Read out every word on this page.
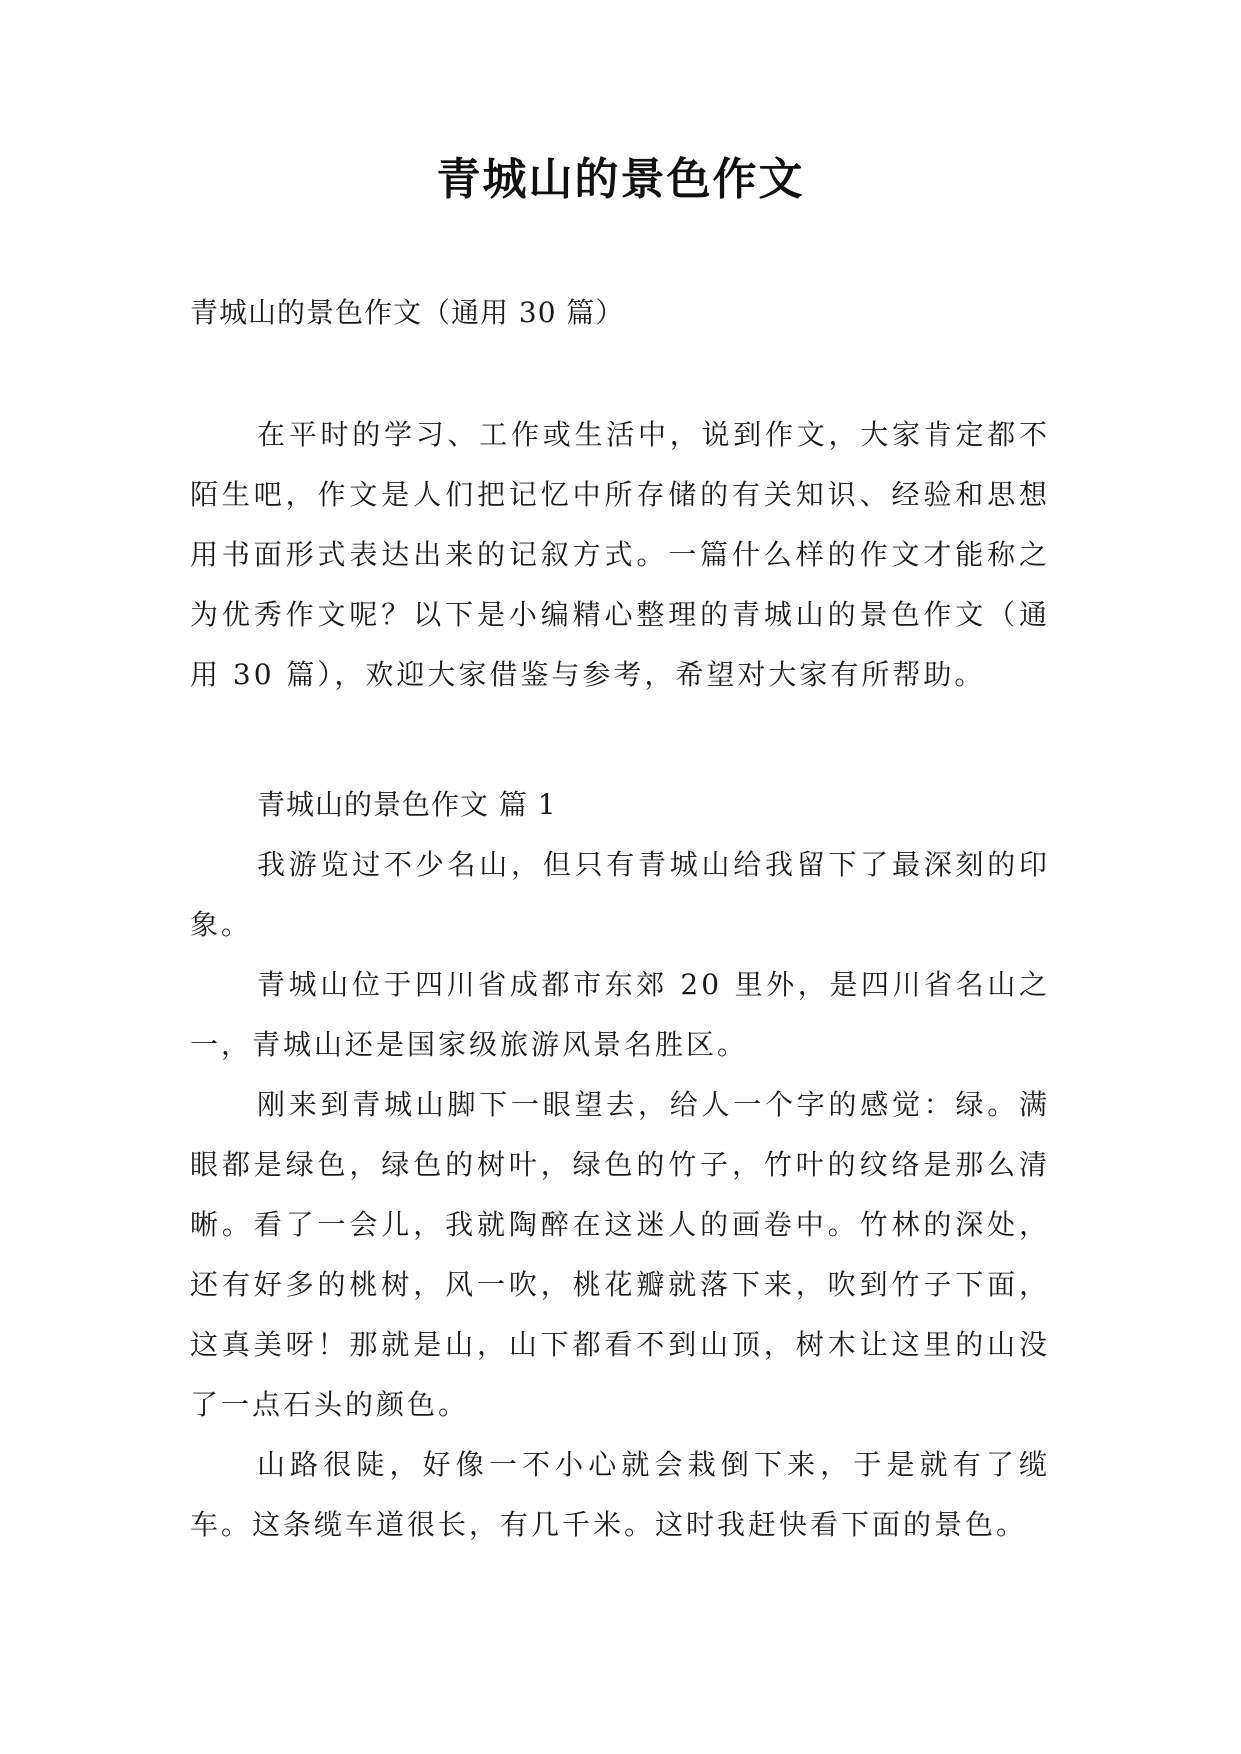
青城山的景色作文
青城山的景色作文（通用 30 篇）

在平时的学习、工作或生活中，说到作文，大家肯定都不陌生吧，作文是人们把记忆中所存储的有关知识、经验和思想用书面形式表达出来的记叙方式。一篇什么样的作文才能称之为优秀作文呢？以下是小编精心整理的青城山的景色作文（通用 30 篇），欢迎大家借鉴与参考，希望对大家有所帮助。

青城山的景色作文 篇 1

我游览过不少名山，但只有青城山给我留下了最深刻的印象。

青城山位于四川省成都市东郊 20 里外，是四川省名山之一，青城山还是国家级旅游风景名胜区。

刚来到青城山脚下一眼望去，给人一个字的感觉：绿。满眼都是绿色，绿色的树叶，绿色的竹子，竹叶的纹络是那么清晰。看了一会儿，我就陶醉在这迷人的画卷中。竹林的深处，还有好多的桃树，风一吹，桃花瓣就落下来，吹到竹子下面，这真美呀！那就是山，山下都看不到山顶，树木让这里的山没了一点石头的颜色。

山路很陡，好像一不小心就会栽倒下来，于是就有了缆车。这条缆车道很长，有几千米。这时我赶快看下面的景色。
